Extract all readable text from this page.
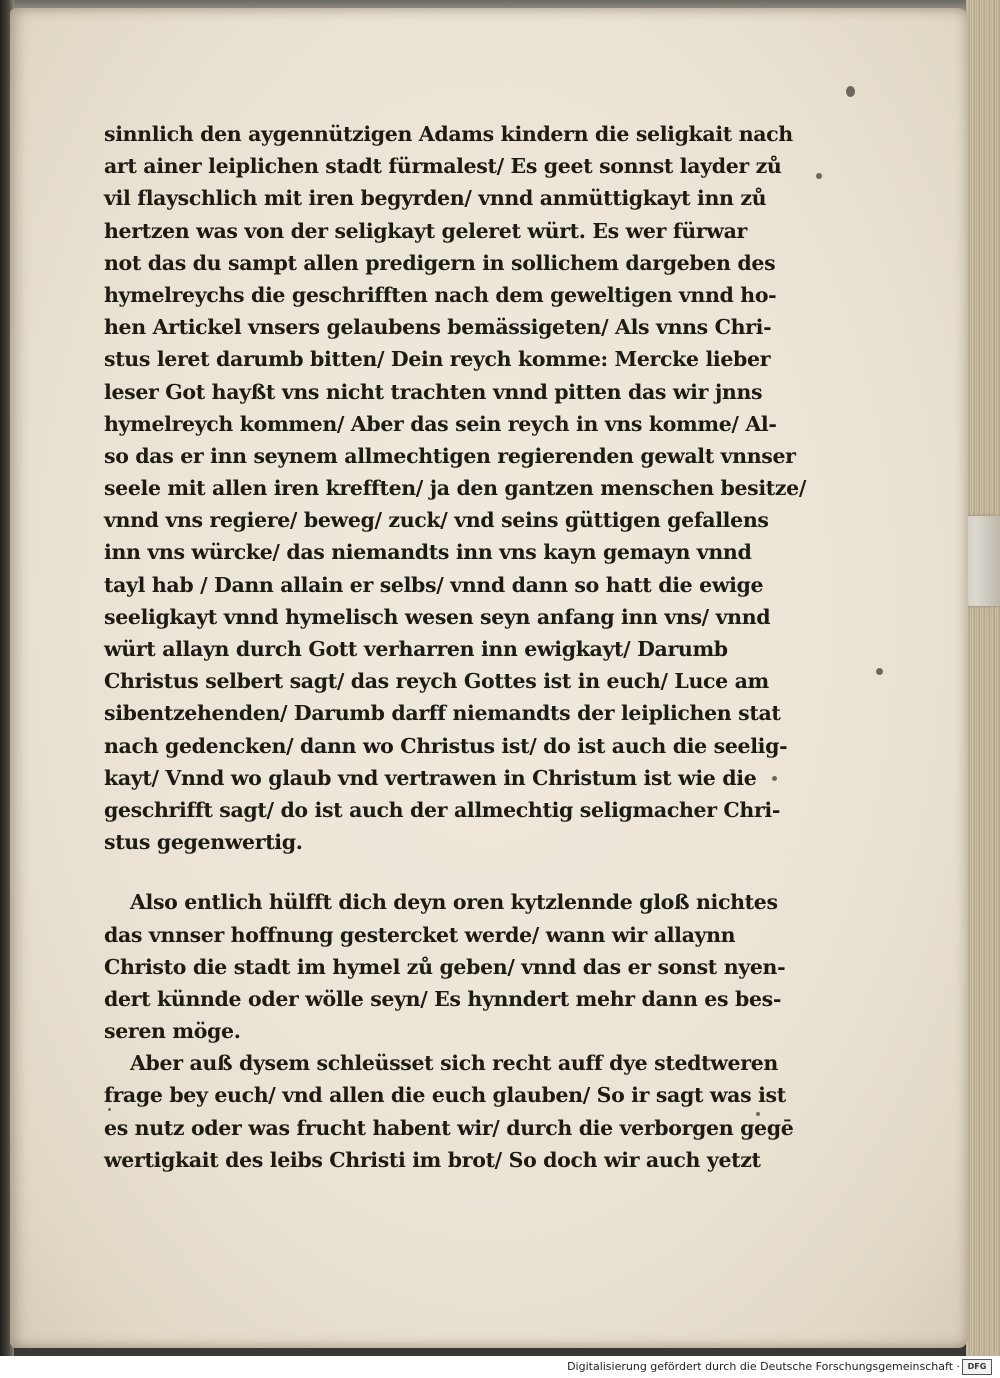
sinnlich den aygennützigen Adams kindern die seligkait nach
art ainer leiplichen stadt fürmalest/ Es geet sonnst layder zů
vil flayschlich mit iren begyrden/ vnnd anmüttigkayt inn zů
hertzen was von der seligkayt geleret würt. Es wer fürwar
not das du sampt allen predigern in sollichem dargeben des
hymelreychs die geschrifften nach dem geweltigen vnnd ho-
hen Artickel vnsers gelaubens bemässigeten/ Als vnns Chri-
stus leret darumb bitten/ Dein reych komme: Mercke lieber
leser Got hayßt vns nicht trachten vnnd pitten das wir jnns
hymelreych kommen/ Aber das sein reych in vns komme/ Al-
so das er inn seynem allmechtigen regierenden gewalt vnnser
seele mit allen iren krefften/ ja den gantzen menschen besitze/
vnnd vns regiere/ beweg/ zuck/ vnd seins güttigen gefallens
inn vns würcke/ das niemandts inn vns kayn gemayn vnnd
tayl hab / Dann allain er selbs/ vnnd dann so hatt die ewige
seeligkayt vnnd hymelisch wesen seyn anfang inn vns/ vnnd
würt allayn durch Gott verharren inn ewigkayt/ Darumb
Christus selbert sagt/ das reych Gottes ist in euch/ Luce am
sibentzehenden/ Darumb darff niemandts der leiplichen stat
nach gedencken/ dann wo Christus ist/ do ist auch die seelig-
kayt/ Vnnd wo glaub vnd vertrawen in Christum ist wie die
geschrifft sagt/ do ist auch der allmechtig seligmacher Chri-
stus gegenwertig.
Also entlich hülfft dich deyn oren kytzlennde gloß nichtes
das vnnser hoffnung gestercket werde/ wann wir allaynn
Christo die stadt im hymel zů geben/ vnnd das er sonst nyen-
dert künnde oder wölle seyn/ Es hynndert mehr dann es bes-
seren möge.
Aber auß dysem schleüsset sich recht auff dye stedtweren
frage bey euch/ vnd allen die euch glauben/ So ir sagt was ist
es nutz oder was frucht habent wir/ durch die verborgen gegē
wertigkait des leibs Christi im brot/ So doch wir auch yetzt
Digitalisierung gefördert durch die Deutsche Forschungsgemeinschaft · DFG
